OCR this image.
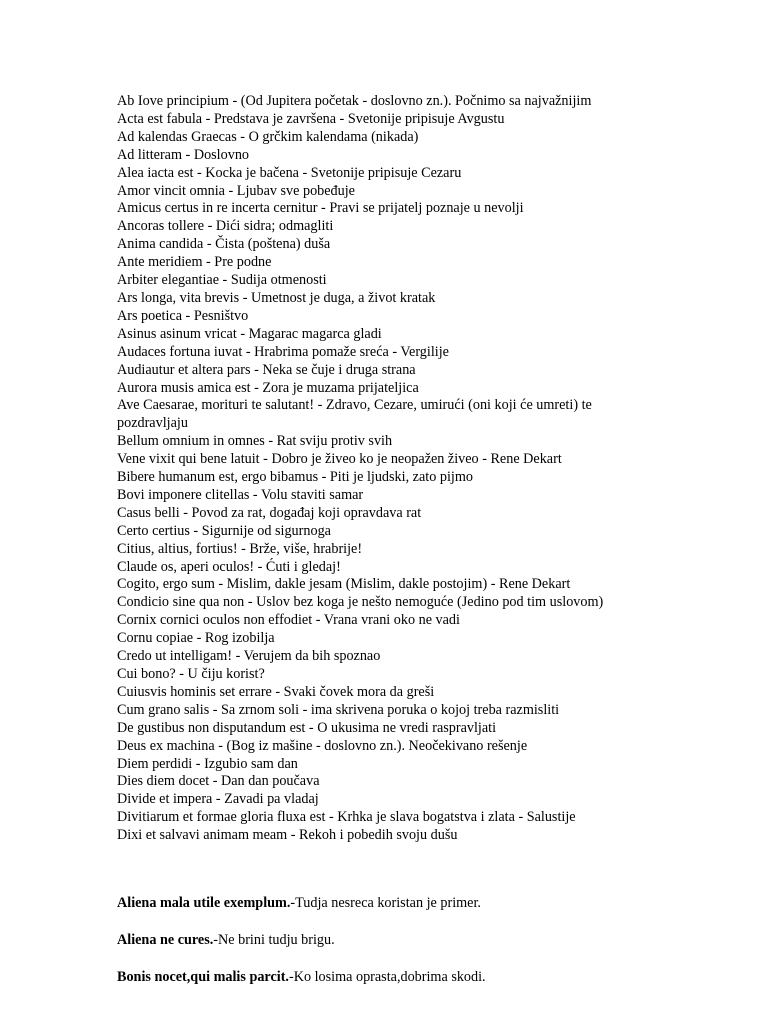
Ab Iove principium - (Od Jupitera početak - doslovno zn.). Počnimo sa najvažnijim
Acta est fabula - Predstava je završena - Svetonije pripisuje Avgustu
Ad kalendas Graecas - O grčkim kalendama (nikada)
Ad litteram - Doslovno
Alea iacta est - Kocka je bačena - Svetonije pripisuje Cezaru
Amor vincit omnia - Ljubav sve pobeđuje
Amicus certus in re incerta cernitur - Pravi se prijatelj poznaje u nevolji
Ancoras tollere - Dići sidra; odmagliti
Anima candida - Čista (poštena) duša
Ante meridiem - Pre podne
Arbiter elegantiae - Sudija otmenosti
Ars longa, vita brevis - Umetnost je duga, a život kratak
Ars poetica - Pesništvo
Asinus asinum vricat - Magarac magarca gladi
Audaces fortuna iuvat - Hrabrima pomaže sreća - Vergilije
Audiautur et altera pars - Neka se čuje i druga strana
Aurora musis amica est - Zora je muzama prijateljica
Ave Caesarae, morituri te salutant! - Zdravo, Cezare, umirući (oni koji će umreti) te pozdravljaju
Bellum omnium in omnes - Rat sviju protiv svih
Vene vixit qui bene latuit - Dobro je živeo ko je neopažen živeo - Rene Dekart
Bibere humanum est, ergo bibamus - Piti je ljudski, zato pijmo
Bovi imponere clitellas - Volu staviti samar
Casus belli - Povod za rat, događaj koji opravdava rat
Certo certius - Sigurnije od sigurnoga
Citius, altius, fortius! - Brže, više, hrabrije!
Claude os, aperi oculos! - Ćuti i gledaj!
Cogito, ergo sum - Mislim, dakle jesam (Mislim, dakle postojim) - Rene Dekart
Condicio sine qua non - Uslov bez koga je nešto nemoguće (Jedino pod tim uslovom)
Cornix cornici oculos non effodiet - Vrana vrani oko ne vadi
Cornu copiae - Rog izobilja
Credo ut intelligam! - Verujem da bih spoznao
Cui bono? - U čiju korist?
Cuiusvis hominis set errare - Svaki čovek mora da greši
Cum grano salis - Sa zrnom soli - ima skrivena poruka o kojoj treba razmisliti
De gustibus non disputandum est - O ukusima ne vredi raspravljati
Deus ex machina - (Bog iz mašine - doslovno zn.). Neočekivano rešenje
Diem perdidi - Izgubio sam dan
Dies diem docet - Dan dan poučava
Divide et impera - Zavadi pa vladaj
Divitiarum et formae gloria fluxa est - Krhka je slava bogatstva i zlata - Salustije
Dixi et salvavi animam meam - Rekoh i pobedih svoju dušu

Aliena mala utile exemplum.-Tudja nesreca koristan je primer.

Aliena ne cures.-Ne brini tudju brigu.

Bonis nocet,qui malis parcit.-Ko losima oprasta,dobrima skodi.
